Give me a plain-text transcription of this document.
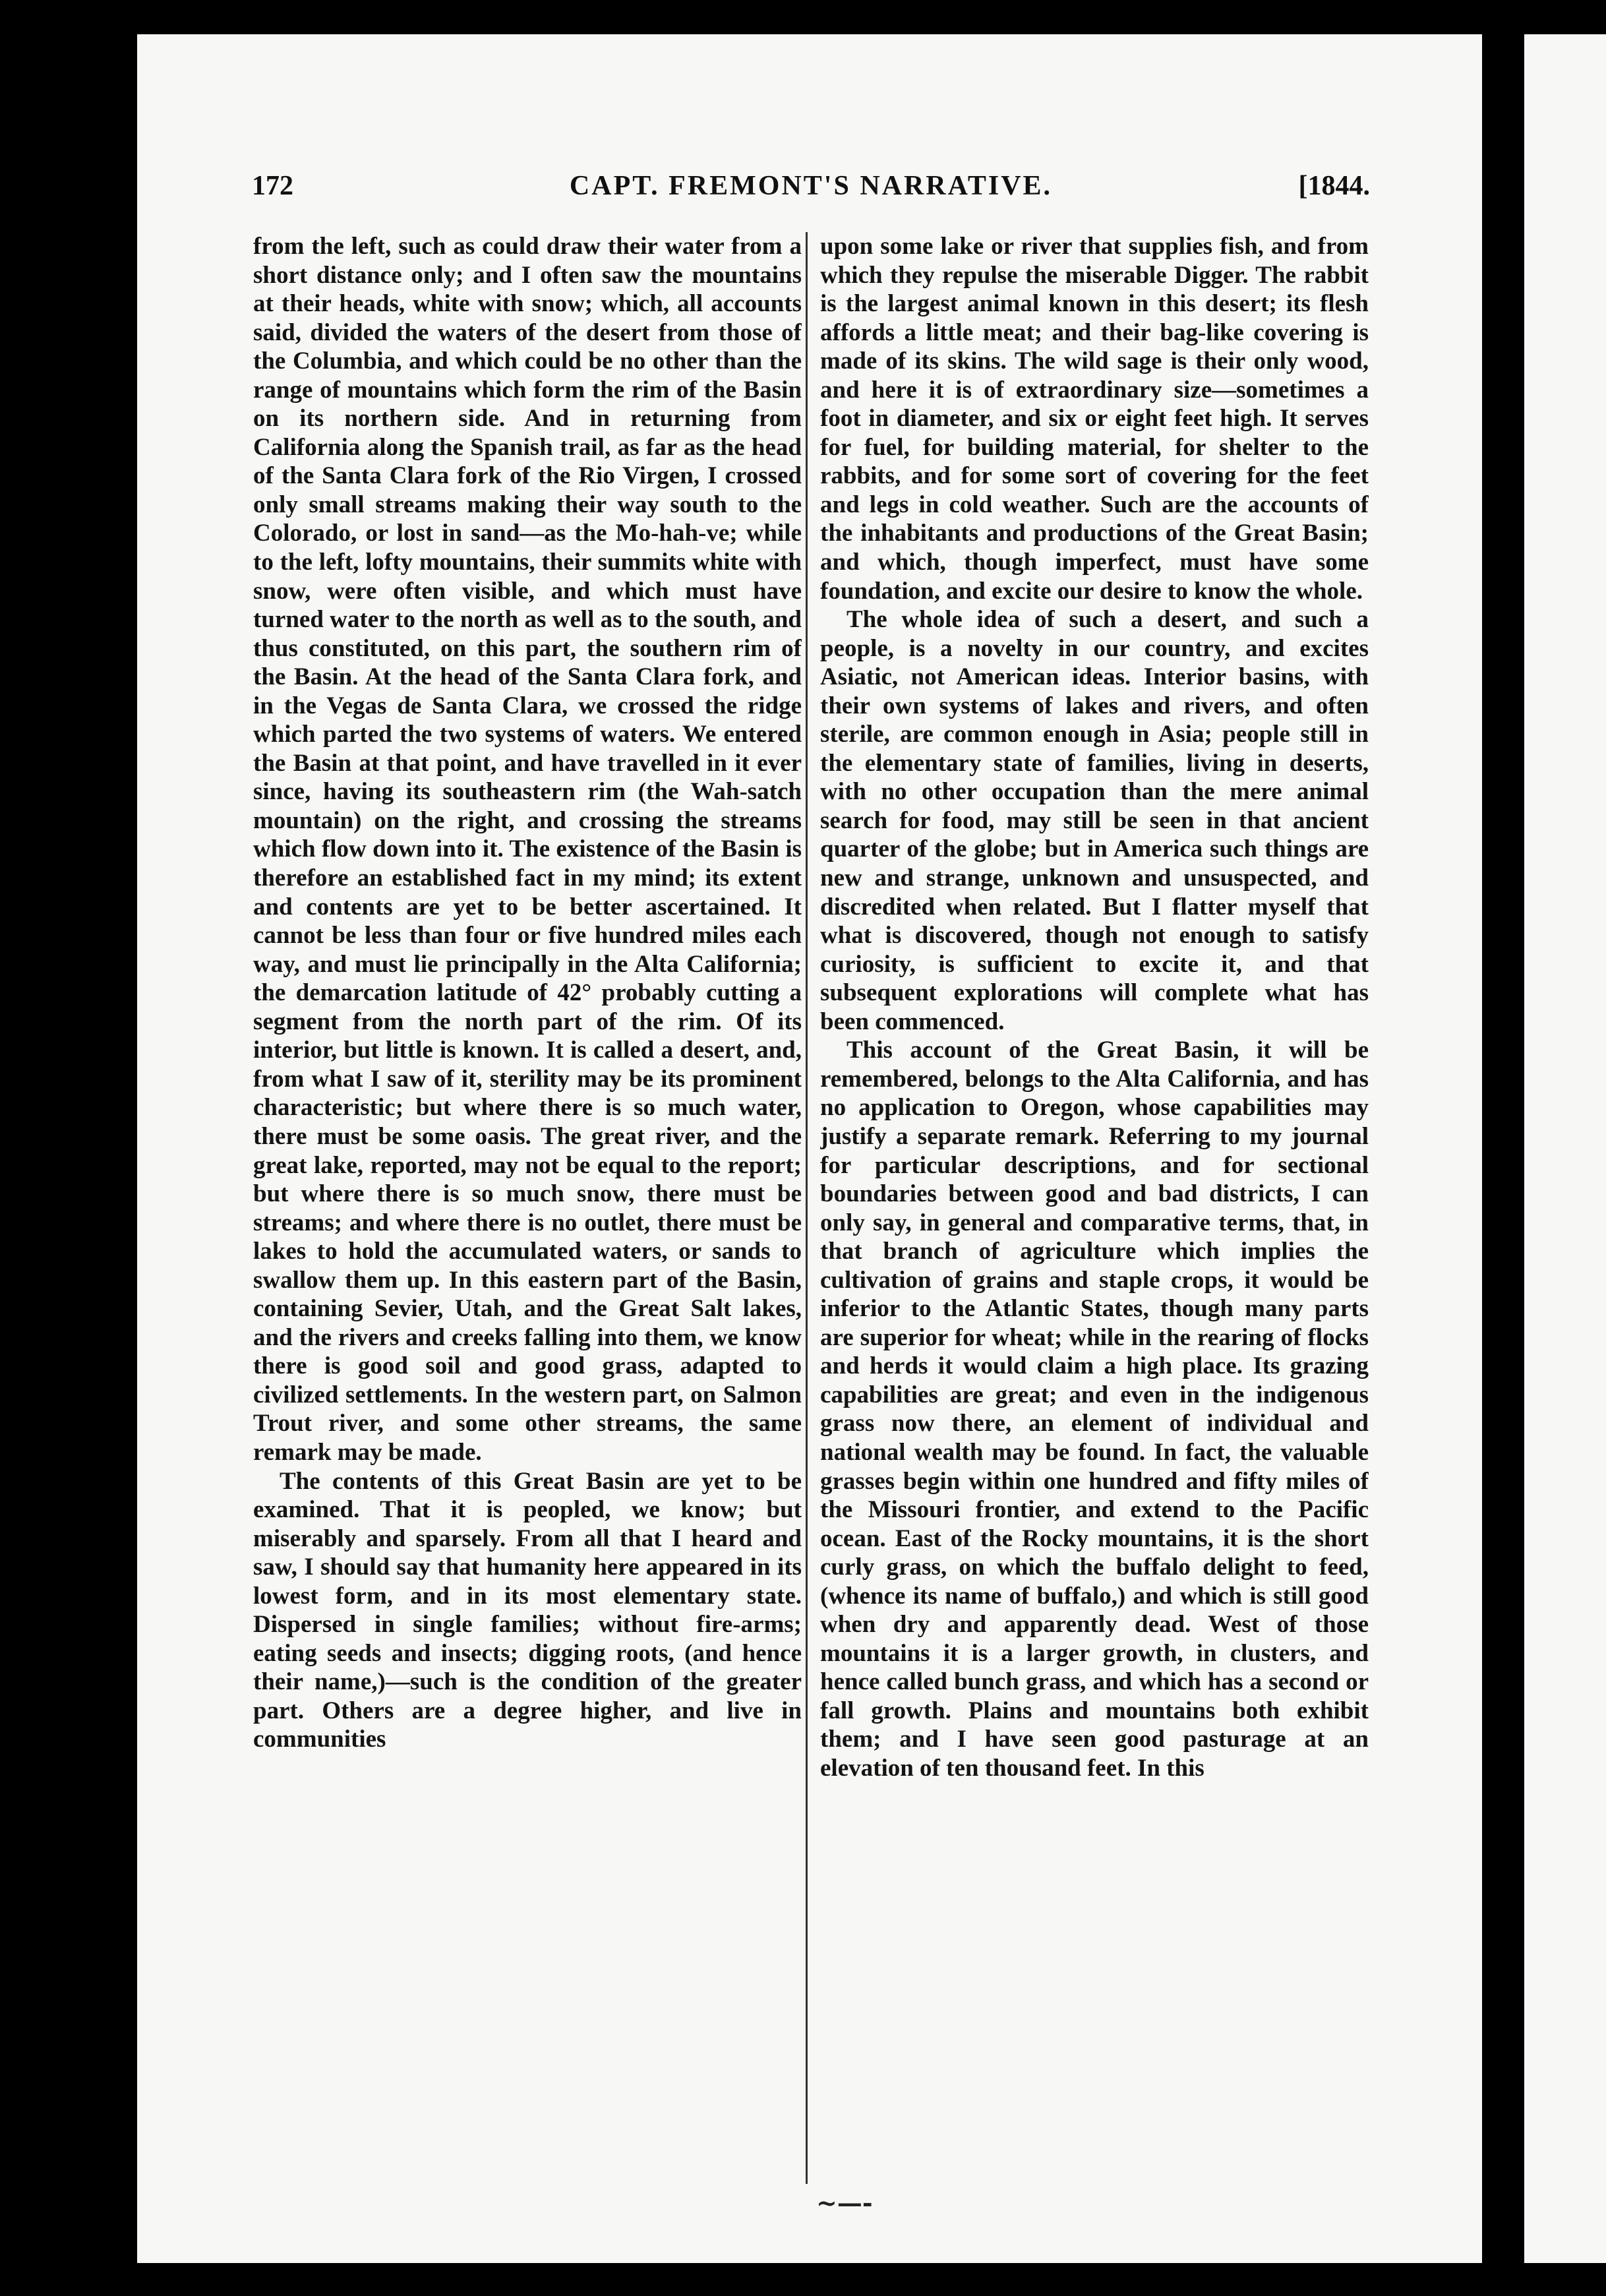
172	CAPT. FREMONT'S NARRATIVE.	[1844.

from the left, such as could draw their water from a short distance only; and I often saw the mountains at their heads, white with snow; which, all accounts said, divided the waters of the desert from those of the Columbia, and which could be no other than the range of mountains which form the rim of the Basin on its northern side. And in returning from California along the Spanish trail, as far as the head of the Santa Clara fork of the Rio Virgen, I crossed only small streams making their way south to the Colorado, or lost in sand—as the Mo-hah-ve; while to the left, lofty mountains, their summits white with snow, were often visible, and which must have turned water to the north as well as to the south, and thus constituted, on this part, the southern rim of the Basin. At the head of the Santa Clara fork, and in the Vegas de Santa Clara, we crossed the ridge which parted the two systems of waters. We entered the Basin at that point, and have travelled in it ever since, having its southeastern rim (the Wah-satch mountain) on the right, and crossing the streams which flow down into it. The existence of the Basin is therefore an established fact in my mind; its extent and contents are yet to be better ascertained. It cannot be less than four or five hundred miles each way, and must lie principally in the Alta California; the demarcation latitude of 42° probably cutting a segment from the north part of the rim. Of its interior, but little is known. It is called a desert, and, from what I saw of it, sterility may be its prominent characteristic; but where there is so much water, there must be some oasis. The great river, and the great lake, reported, may not be equal to the report; but where there is so much snow, there must be streams; and where there is no outlet, there must be lakes to hold the accumulated waters, or sands to swallow them up. In this eastern part of the Basin, containing Sevier, Utah, and the Great Salt lakes, and the rivers and creeks falling into them, we know there is good soil and good grass, adapted to civilized settlements. In the western part, on Salmon Trout river, and some other streams, the same remark may be made.

The contents of this Great Basin are yet to be examined. That it is peopled, we know; but miserably and sparsely. From all that I heard and saw, I should say that humanity here appeared in its lowest form, and in its most elementary state. Dispersed in single families; without fire-arms; eating seeds and insects; digging roots, (and hence their name,)—such is the condition of the greater part. Others are a degree higher, and live in communities

upon some lake or river that supplies fish, and from which they repulse the miserable Digger. The rabbit is the largest animal known in this desert; its flesh affords a little meat; and their bag-like covering is made of its skins. The wild sage is their only wood, and here it is of extraordinary size—sometimes a foot in diameter, and six or eight feet high. It serves for fuel, for building material, for shelter to the rabbits, and for some sort of covering for the feet and legs in cold weather. Such are the accounts of the inhabitants and productions of the Great Basin; and which, though imperfect, must have some foundation, and excite our desire to know the whole.

The whole idea of such a desert, and such a people, is a novelty in our country, and excites Asiatic, not American ideas. Interior basins, with their own systems of lakes and rivers, and often sterile, are common enough in Asia; people still in the elementary state of families, living in deserts, with no other occupation than the mere animal search for food, may still be seen in that ancient quarter of the globe; but in America such things are new and strange, unknown and unsuspected, and discredited when related. But I flatter myself that what is discovered, though not enough to satisfy curiosity, is sufficient to excite it, and that subsequent explorations will complete what has been commenced.

This account of the Great Basin, it will be remembered, belongs to the Alta California, and has no application to Oregon, whose capabilities may justify a separate remark. Referring to my journal for particular descriptions, and for sectional boundaries between good and bad districts, I can only say, in general and comparative terms, that, in that branch of agriculture which implies the cultivation of grains and staple crops, it would be inferior to the Atlantic States, though many parts are superior for wheat; while in the rearing of flocks and herds it would claim a high place. Its grazing capabilities are great; and even in the indigenous grass now there, an element of individual and national wealth may be found. In fact, the valuable grasses begin within one hundred and fifty miles of the Missouri frontier, and extend to the Pacific ocean. East of the Rocky mountains, it is the short curly grass, on which the buffalo delight to feed, (whence its name of buffalo,) and which is still good when dry and apparently dead. West of those mountains it is a larger growth, in clusters, and hence called bunch grass, and which has a second or fall growth. Plains and mountains both exhibit them; and I have seen good pasturage at an elevation of ten thousand feet. In this

~—-
